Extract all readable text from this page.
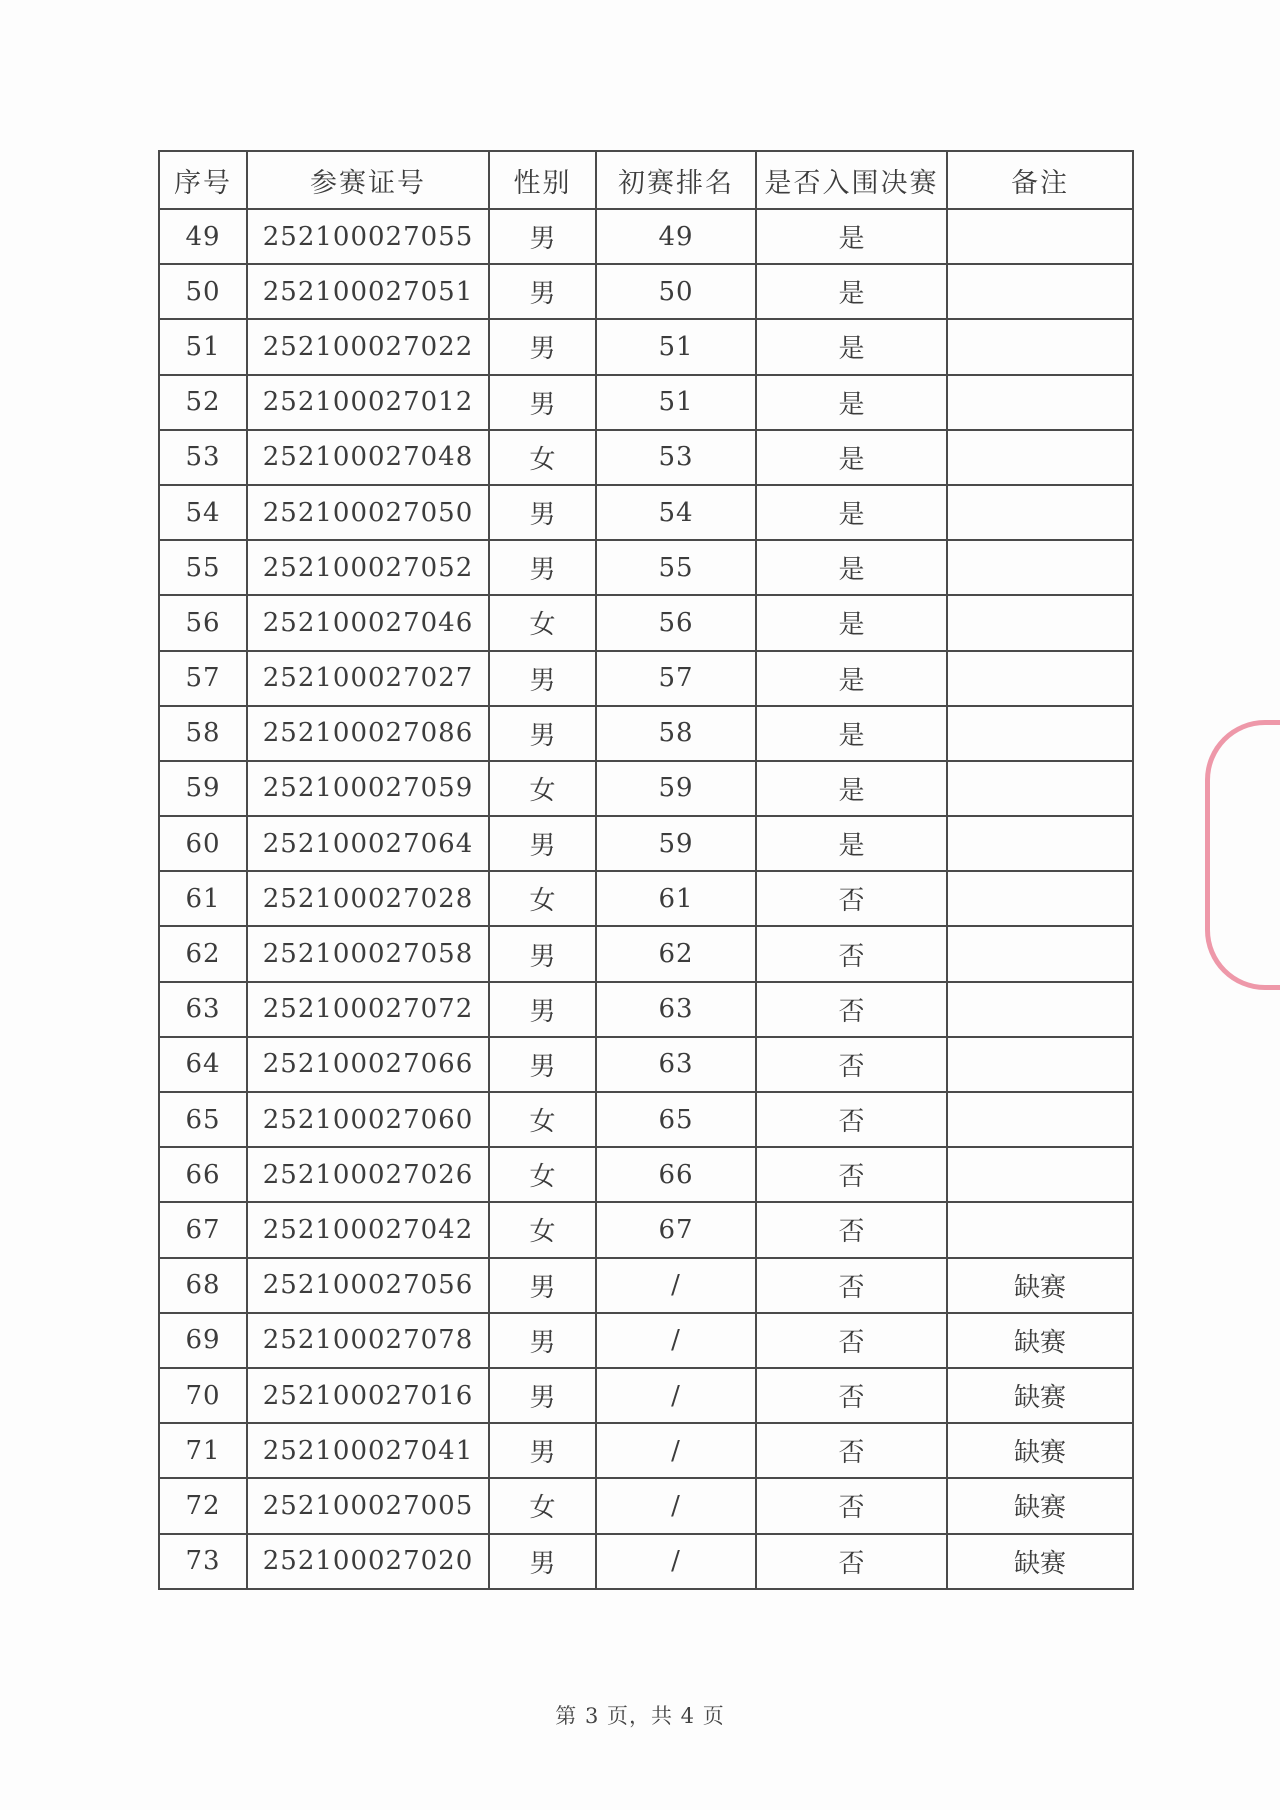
序号	参赛证号	性别	初赛排名	是否入围决赛	备注
49	252100027055	男	49	是	
50	252100027051	男	50	是	
51	252100027022	男	51	是	
52	252100027012	男	51	是	
53	252100027048	女	53	是	
54	252100027050	男	54	是	
55	252100027052	男	55	是	
56	252100027046	女	56	是	
57	252100027027	男	57	是	
58	252100027086	男	58	是	
59	252100027059	女	59	是	
60	252100027064	男	59	是	
61	252100027028	女	61	否	
62	252100027058	男	62	否	
63	252100027072	男	63	否	
64	252100027066	男	63	否	
65	252100027060	女	65	否	
66	252100027026	女	66	否	
67	252100027042	女	67	否	
68	252100027056	男	/	否	缺赛
69	252100027078	男	/	否	缺赛
70	252100027016	男	/	否	缺赛
71	252100027041	男	/	否	缺赛
72	252100027005	女	/	否	缺赛
73	252100027020	男	/	否	缺赛
第 3 页，共 4 页
